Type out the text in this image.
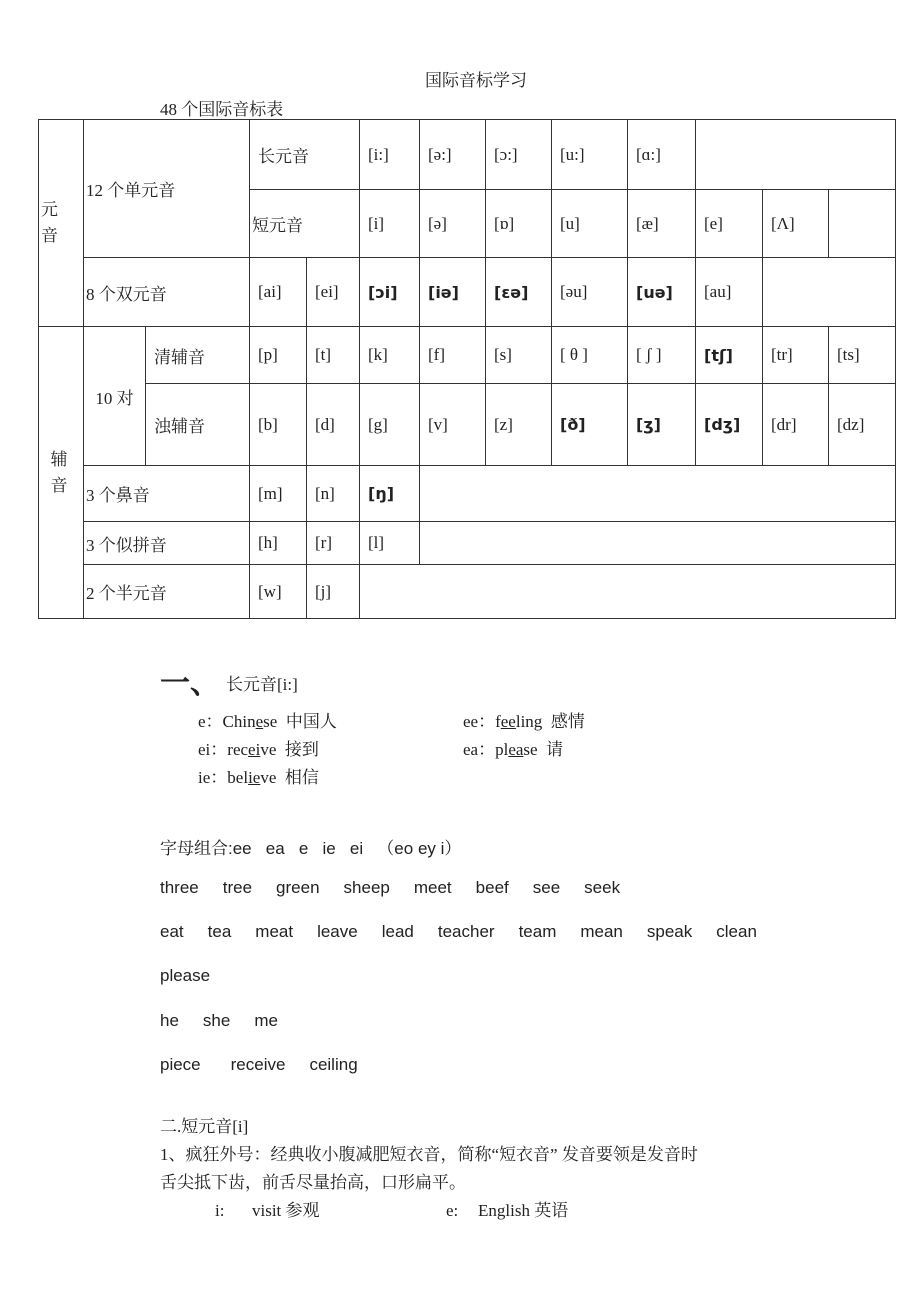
国际音标学习
48 个国际音标表
元音	12 个单元音		长元音		[i:]	[ə:]	[ɔ:]	[u:]	[ɑ:]			
			短元音		[i]	[ə]	[ɒ]	[u]	[æ]	[e]	[Λ]	
	8 个双元音		[ai]	[ei]	[ɔi]	[iə]	[ɛə]	[əu]	[uə]	[au]		
辅音	10 对	清辅音	[p]	[t]	[k]	[f]	[s]	[ θ ]	[ ʃ ]	[tʃ]	[tr]	[ts]
		浊辅音	[b]	[d]	[g]	[v]	[z]	[ð]	[ʒ]	[dʒ]	[dr]	[dz]
	3 个鼻音		[m]	[n]	[ŋ]							
	3 个似拼音		[h]	[r]	[l]							
	2 个半元音		[w]	[j]								
一、 长元音[i:]
e：Chinese 中国人	ee：feeling 感情
ei：receive 接到	ea：please 请
ie：believe 相信
字母组合:ee   ea   e   ie   ei   （eo ey i）
three tree green sheep meet beef see seek
eat tea meat leave lead teacher team mean speak clean
please
he she me
piece receive ceiling
二.短元音[i]
1、疯狂外号：经典收小腹减肥短衣音，简称“短衣音” 发音要领是发音时
舌尖抵下齿，前舌尽量抬高，口形扁平。
i: visit 参观	e: English 英语
